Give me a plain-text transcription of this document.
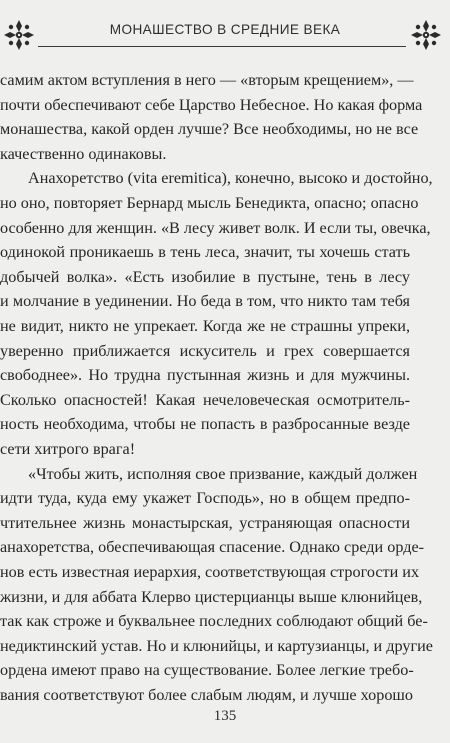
МОНАШЕСТВО В СРЕДНИЕ ВЕКА
самим актом вступления в него — «вторым крещением», —
почти обеспечивают себе Царство Небесное. Но какая форма
монашества, какой орден лучше? Все необходимы, но не все
качественно одинаковы.
Анахоретство (vita eremitica), конечно, высоко и достойно,
но оно, повторяет Бернард мысль Бенедикта, опасно; опасно
особенно для женщин. «В лесу живет волк. И если ты, овечка,
одинокой проникаешь в тень леса, значит, ты хочешь стать
добычей волка». «Есть изобилие в пустыне, тень в лесу
и молчание в уединении. Но беда в том, что никто там тебя
не видит, никто не упрекает. Когда же не страшны упреки,
уверенно приближается искуситель и грех совершается
свободнее». Но трудна пустынная жизнь и для мужчины.
Сколько опасностей! Какая нечеловеческая осмотритель-
ность необходима, чтобы не попасть в разбросанные везде
сети хитрого врага!
«Чтобы жить, исполняя свое призвание, каждый должен
идти туда, куда ему укажет Господь», но в общем предпо-
чтительнее жизнь монастырская, устраняющая опасности
анахоретства, обеспечивающая спасение. Однако среди орде-
нов есть известная иерархия, соответствующая строгости их
жизни, и для аббата Клерво цистерцианцы выше клюнийцев,
так как строже и буквальнее последних соблюдают общий бе-
недиктинский устав. Но и клюнийцы, и картузианцы, и другие
ордена имеют право на существование. Более легкие требо-
вания соответствуют более слабым людям, и лучше хорошо
135
